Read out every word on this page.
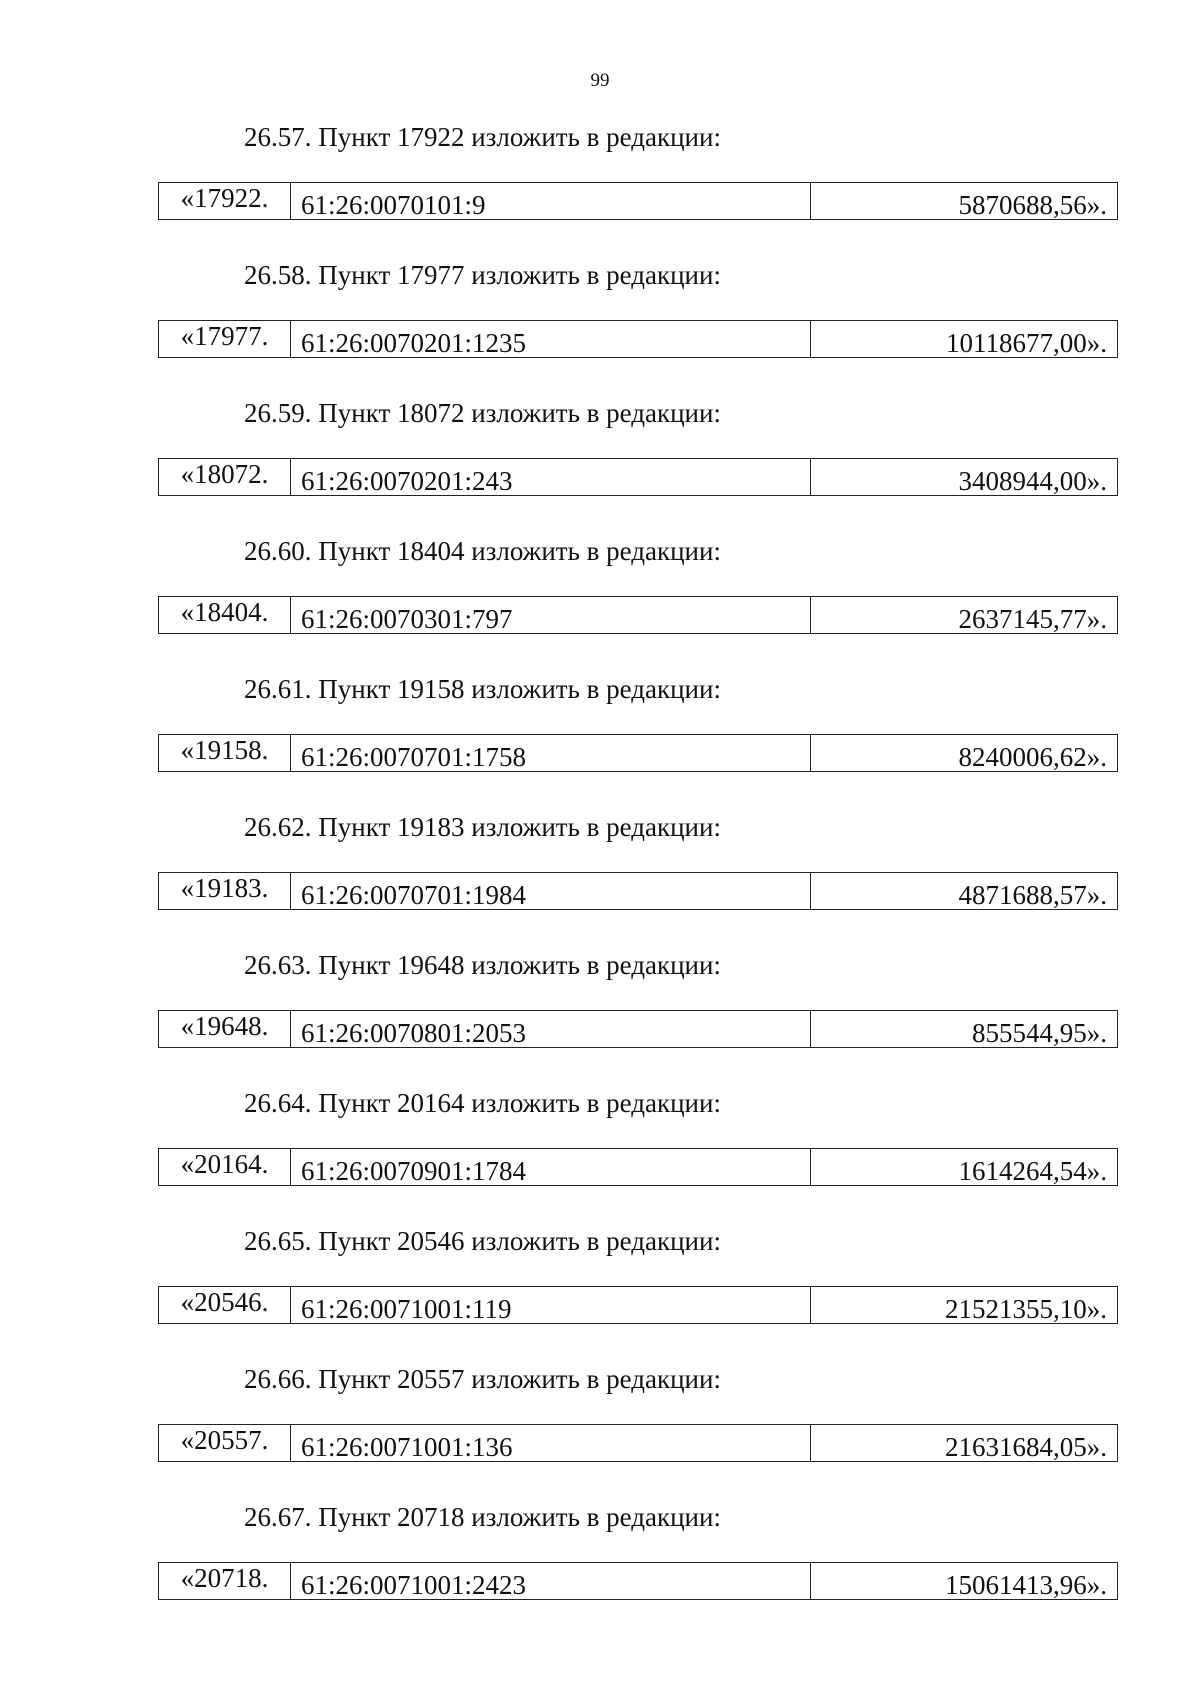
99
26.57. Пункт 17922 изложить в редакции:
«17922.	61:26:0070101:9	5870688,56».
26.58. Пункт 17977 изложить в редакции:
«17977.	61:26:0070201:1235	10118677,00».
26.59. Пункт 18072 изложить в редакции:
«18072.	61:26:0070201:243	3408944,00».
26.60. Пункт 18404 изложить в редакции:
«18404.	61:26:0070301:797	2637145,77».
26.61. Пункт 19158 изложить в редакции:
«19158.	61:26:0070701:1758	8240006,62».
26.62. Пункт 19183 изложить в редакции:
«19183.	61:26:0070701:1984	4871688,57».
26.63. Пункт 19648 изложить в редакции:
«19648.	61:26:0070801:2053	855544,95».
26.64. Пункт 20164 изложить в редакции:
«20164.	61:26:0070901:1784	1614264,54».
26.65. Пункт 20546 изложить в редакции:
«20546.	61:26:0071001:119	21521355,10».
26.66. Пункт 20557 изложить в редакции:
«20557.	61:26:0071001:136	21631684,05».
26.67. Пункт 20718 изложить в редакции:
«20718.	61:26:0071001:2423	15061413,96».
